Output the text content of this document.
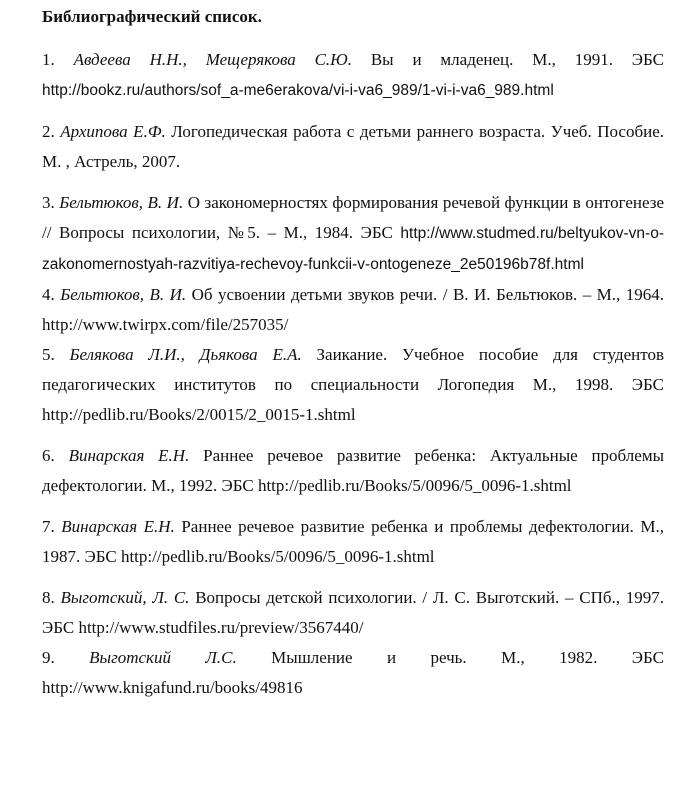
Библиографический список.

1. Авдеева Н.Н., Мещерякова С.Ю. Вы и младенец. М., 1991. ЭБС http://bookz.ru/authors/sof_a-me6erakova/vi-i-va6_989/1-vi-i-va6_989.html

2. Архипова Е.Ф. Логопедическая работа с детьми раннего возраста. Учеб. Пособие. М. , Астрель, 2007.

3. Бельтюков, В. И. О закономерностях формирования речевой функции в онтогенезе // Вопросы психологии, №5. – М., 1984. ЭБС http://www.studmed.ru/beltyukov-vn-o-zakonomernostyah-razvitiya-rechevoy-funkcii-v-ontogeneze_2e50196b78f.html

4. Бельтюков, В. И. Об усвоении детьми звуков речи. / В. И. Бельтюков. – М., 1964. http://www.twirpx.com/file/257035/

5. Белякова Л.И., Дьякова Е.А. Заикание. Учебное пособие для студентов педагогических институтов по специальности Логопедия М., 1998. ЭБС http://pedlib.ru/Books/2/0015/2_0015-1.shtml

6. Винарская Е.Н. Раннее речевое развитие ребенка: Актуальные проблемы дефектологии. М., 1992. ЭБС http://pedlib.ru/Books/5/0096/5_0096-1.shtml

7. Винарская Е.Н. Раннее речевое развитие ребенка и проблемы дефектологии. М., 1987. ЭБС http://pedlib.ru/Books/5/0096/5_0096-1.shtml

8. Выготский, Л. С. Вопросы детской психологии. / Л. С. Выготский. – СПб., 1997. ЭБС http://www.studfiles.ru/preview/3567440/

9. Выготский Л.С. Мышление и речь. М., 1982. ЭБС http://www.knigafund.ru/books/49816
